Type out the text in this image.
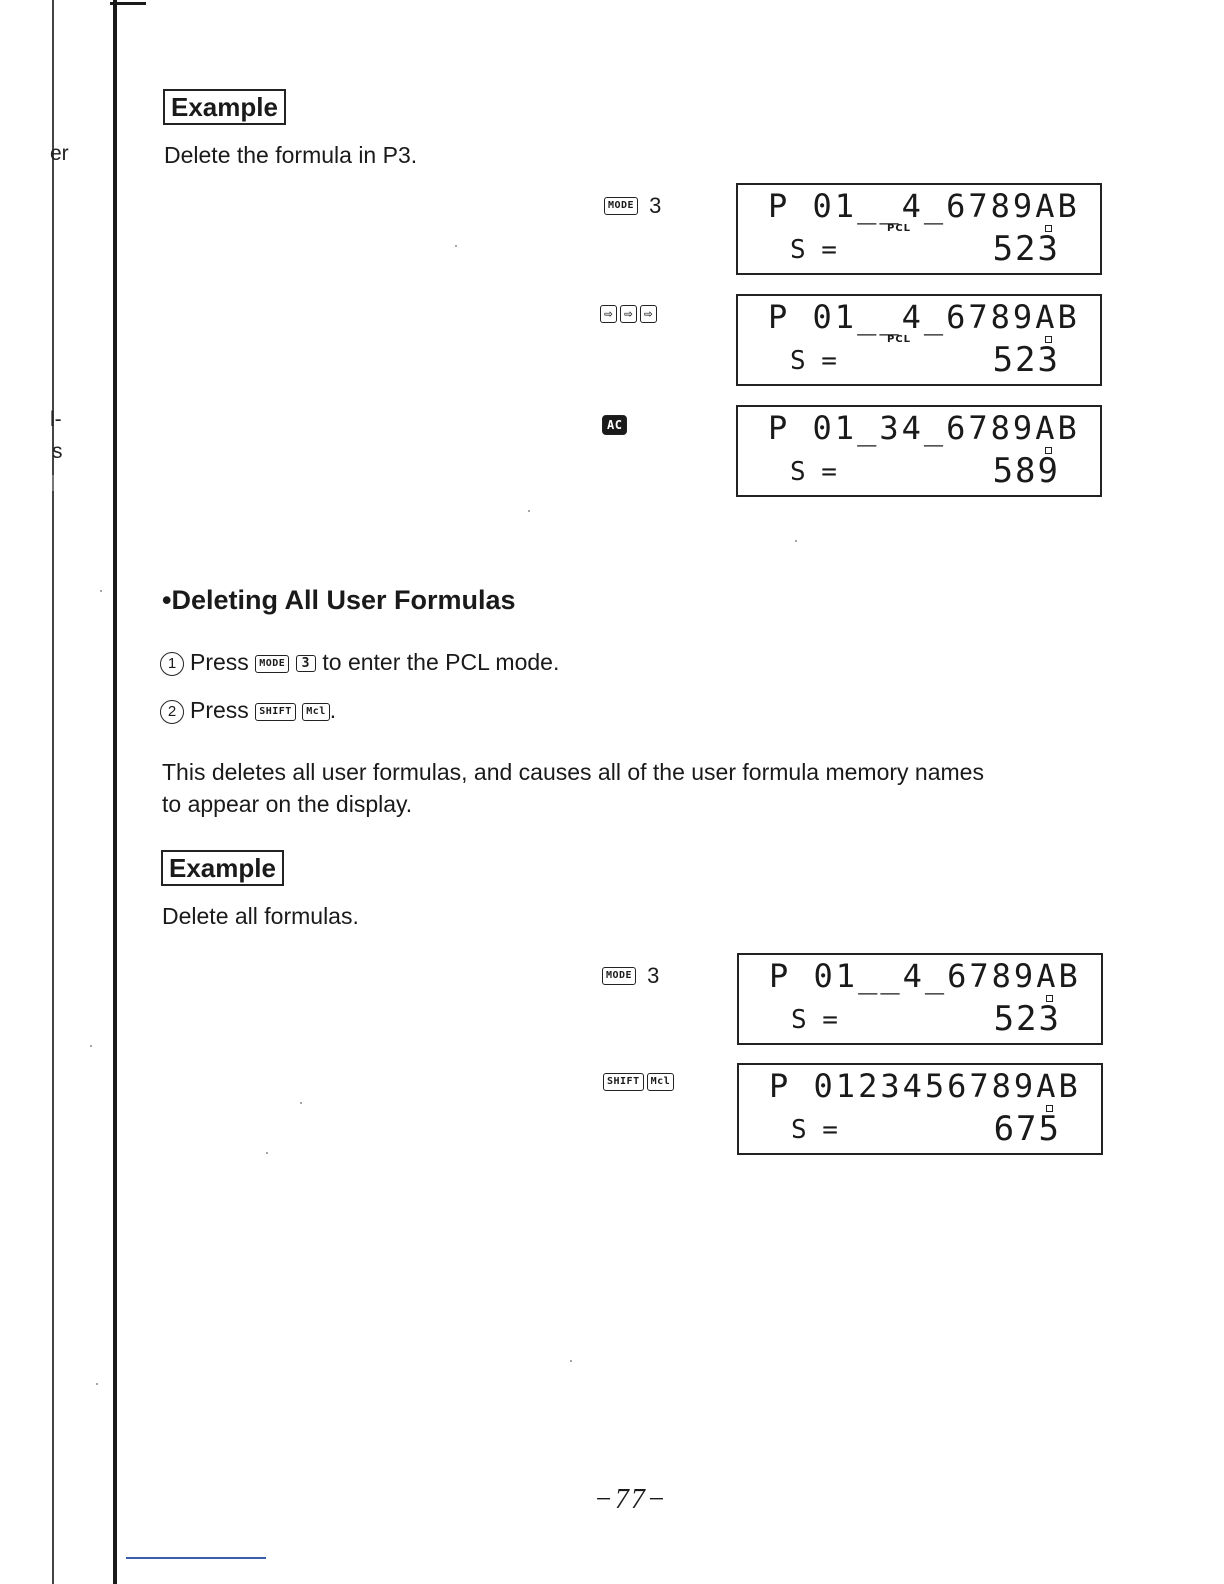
er
l-
s
Example
Delete the formula in P3.
MODE 3	P 01__4_6789AB
PCL
S =	523
⇨ ⇨ ⇨	P 01__4_6789AB
PCL
S =	523
AC	P 01_34_6789AB
S =	589
•Deleting All User Formulas
1 Press MODE 3 to enter the PCL mode.
2 Press SHIFT Mcl .
This deletes all user formulas, and causes all of the user formula memory names
to appear on the display.
Example
Delete all formulas.
MODE 3	P 01__4_6789AB
S =	523
SHIFT	Mcl	P 0123456789AB
S =	675
−77−
